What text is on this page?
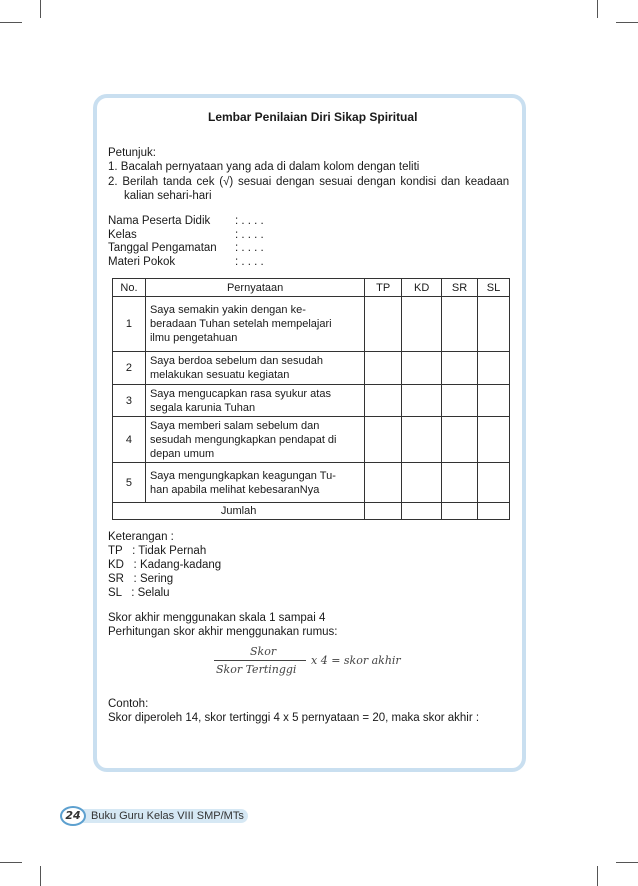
Lembar Penilaian Diri Sikap Spiritual
Petunjuk:
1. Bacalah pernyataan yang ada di dalam kolom dengan teliti
2. Berilah tanda cek (√) sesuai dengan sesuai dengan kondisi dan keadaan
kalian sehari-hari
Nama Peserta Didik	: . . . .
Kelas	: . . . .
Tanggal Pengamatan	: . . . .
Materi Pokok	: . . . .
No.	Pernyataan	TP	KD	SR	SL
1	Saya semakin yakin dengan ke-
beradaan Tuhan setelah mempelajari
ilmu pengetahuan				

2	Saya berdoa sebelum dan sesudah
melakukan sesuatu kegiatan				

3	Saya mengucapkan rasa syukur atas
segala karunia Tuhan				

4	Saya memberi salam sebelum dan
sesudah mengungkapkan pendapat di
depan umum				

5	Saya mengungkapkan keagungan Tu-
han apabila melihat kebesaranNya				

Jumlah					
Keterangan :
TP   : Tidak Pernah
KD   : Kadang-kadang
SR   : Sering
SL   : Selalu
Skor akhir menggunakan skala 1 sampai 4
Perhitungan skor akhir menggunakan rumus:
Skor
Skor Tertinggi
x 4 = skor akhir
Contoh:
Skor diperoleh 14, skor tertinggi 4 x 5 pernyataan = 20, maka skor akhir :
24 Buku Guru Kelas VIII SMP/MTs
